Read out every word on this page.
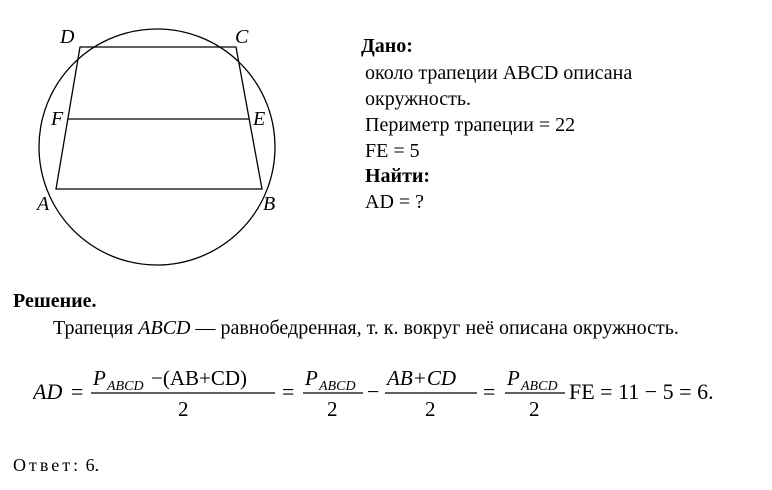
D	C
F	E
A	B
Дано:
около трапеции ABCD описана
окружность.
Периметр трапеции = 22
FE = 5
Найти:
AD = ?
Решение.
Трапеция ABCD — равнобедренная, т. к. вокруг неё описана окружность.
AD =
P ABCD −(AB+CD)
2
=
P ABCD
2
−
AB+CD
2
=
P ABCD
2
FE = 11 − 5 = 6.
Ответ: 6.
